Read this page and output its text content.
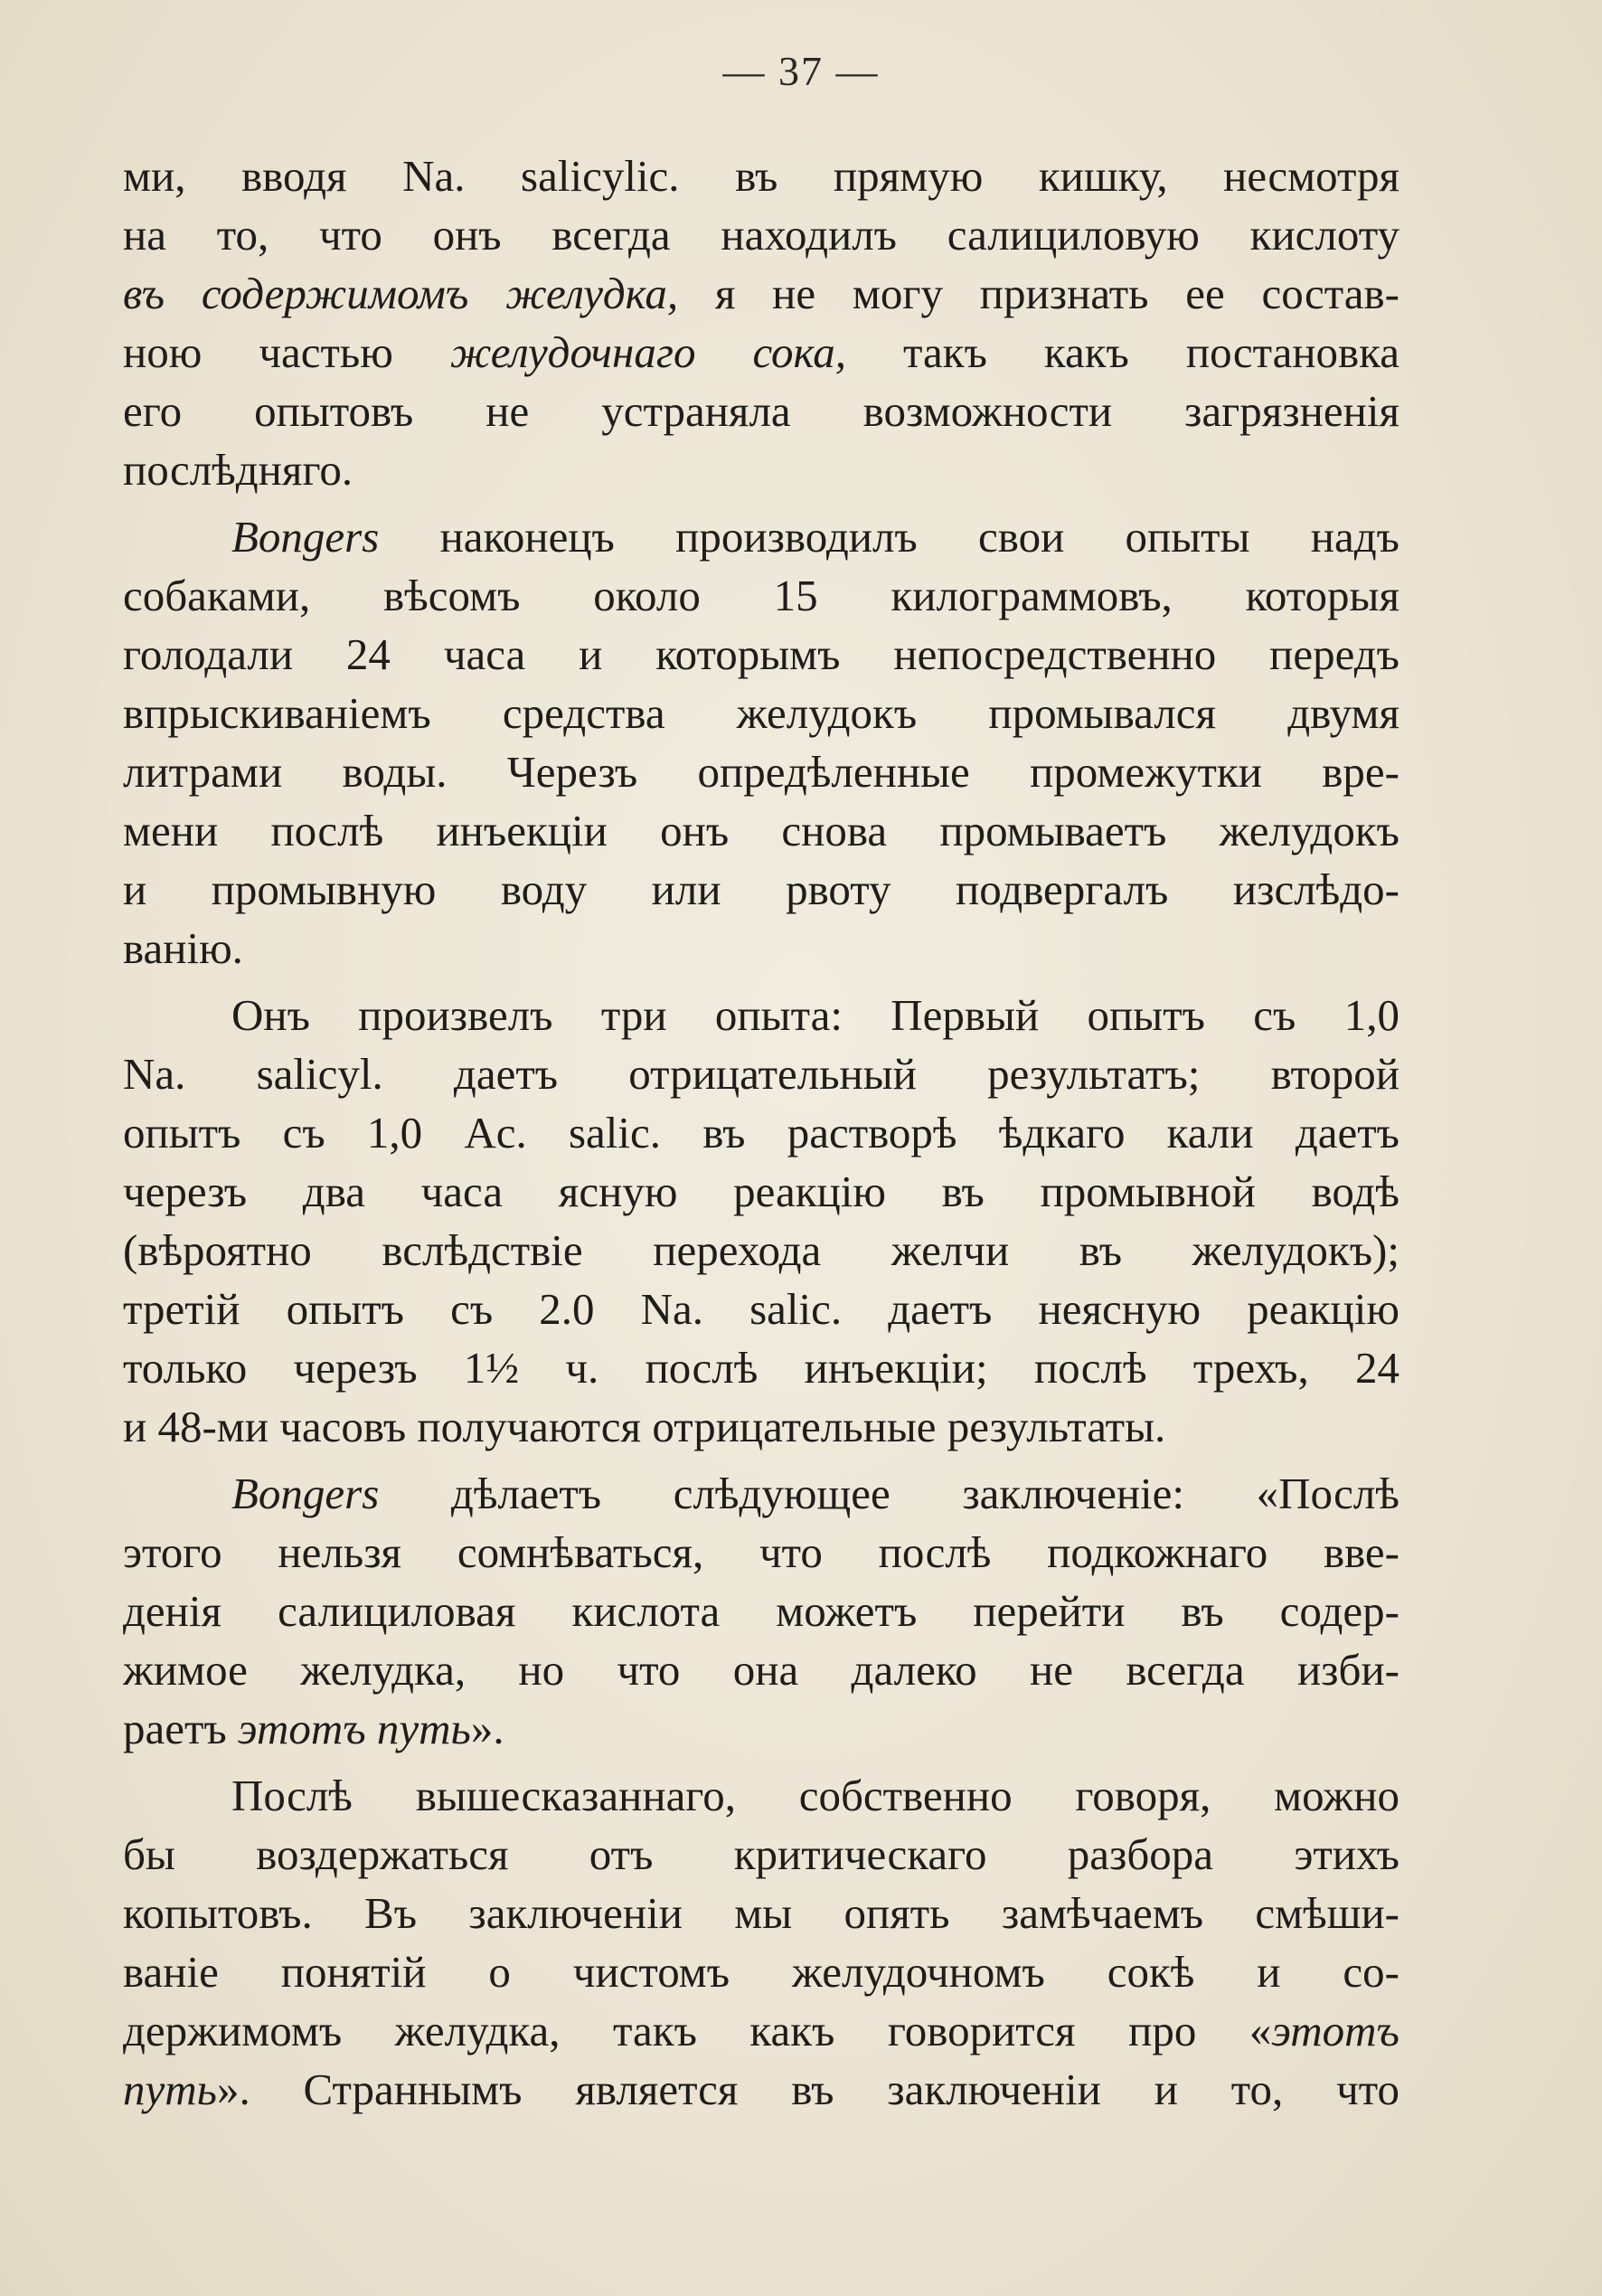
— 37 —
ми, вводя Na. salicylic. въ прямую кишку, несмотря
на то, что онъ всегда находилъ салициловую кислоту
въ содержимомъ желудка, я не могу признать ее состав-
ною частью желудочнаго сока, такъ какъ постановка
его опытовъ не устраняла возможности загрязненія
послѣдняго.
Bongers наконецъ производилъ свои опыты надъ
собаками, вѣсомъ около 15 килограммовъ, которыя
голодали 24 часа и которымъ непосредственно передъ
впрыскиваніемъ средства желудокъ промывался двумя
литрами воды. Черезъ опредѣленные промежутки вре-
мени послѣ инъекціи онъ снова промываетъ желудокъ
и промывную воду или рвоту подвергалъ изслѣдо-
ванію.
Онъ произвелъ три опыта: Первый опытъ съ 1,0
Na. salicyl. даетъ отрицательный результатъ; второй
опытъ съ 1,0 Ac. salic. въ растворѣ ѣдкаго кали даетъ
черезъ два часа ясную реакцію въ промывной водѣ
(вѣроятно вслѣдствіе перехода желчи въ желудокъ);
третій опытъ съ 2.0 Na. salic. даетъ неясную реакцію
только черезъ 1½ ч. послѣ инъекціи; послѣ трехъ, 24
и 48-ми часовъ получаются отрицательные результаты.
Bongers дѣлаетъ слѣдующее заключеніе: «Послѣ
этого нельзя сомнѣваться, что послѣ подкожнаго вве-
денія салициловая кислота можетъ перейти въ содер-
жимое желудка, но что она далеко не всегда изби-
раетъ этотъ путь».
Послѣ вышесказаннаго, собственно говоря, можно
бы воздержаться отъ критическаго разбора этихъ
копытовъ. Въ заключеніи мы опять замѣчаемъ смѣши-
ваніе понятій о чистомъ желудочномъ сокѣ и со-
держимомъ желудка, такъ какъ говорится про «этотъ
путь». Страннымъ является въ заключеніи и то, что
